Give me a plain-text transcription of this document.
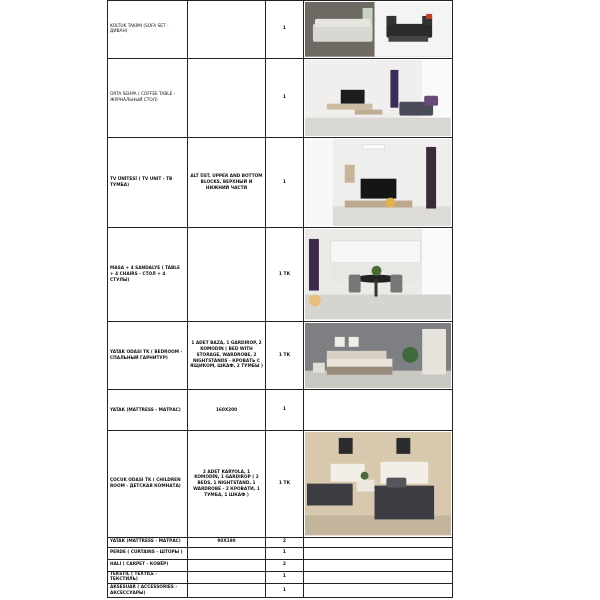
KOLTUK TAKIMI (SOFA SET - ДИВАН)		1	

ORTA SEHPA ( COFFEE TABLE - ЖУРНАЛЬНЫЙ СТОЛ)		1	

TV ÜNİTESİ ( TV UNIT - ТВ ТУМБА)	ALT ÜST, UPPER AND BOTTOM BLOCKS, ВЕРХНЫЙ И НИЖНИЙ ЧАСТИ	1	

MASA + 4 SANDALYE ( TABLE + 4 CHAIRS - СТОЛ + 4 СТУЛЫ)		1 TK	

YATAK ODASI TK ( BEDROOM - СПАЛЬНЫЙ ГАРНИТУР)	1 ADET BAZA, 1 GARDIROP, 2 KOMODİN ( BED WITH STORAGE, WARDROBE, 2 NIGHTSTANDS - КРОВАТЬ С ЯЩИКОМ, ШКАФ, 2 ТУМБЫ )	1 TK	

YATAK (MATTRESS - МАТРАС)	160X200	1	
ÇOCUK ODASI TK ( CHILDREN ROOM - ДЕТСКАЯ КОМНАТА)	2 ADET KARYOLA, 1 KOMODİN, 1 GARDIROP ( 2 BEDS, 1 NIGHTSTAND, 1 WARDROBE - 2 КРОВАТИ, 1 ТУМБА, 1 ШКАФ )	1 TK	

YATAK (MATTRESS - МАТРАС)	90X190	2	
PERDE ( CURTAINS - ШТОРЫ )		1	
HALI ( CARPET - КОВЁР)		2	
TEKSTİL ( TEXTILE - ТЕКСТИЛЬ)		1	
AKSESUAR ( ACCESSORIES - АКСЕССУАРЫ)		1	
